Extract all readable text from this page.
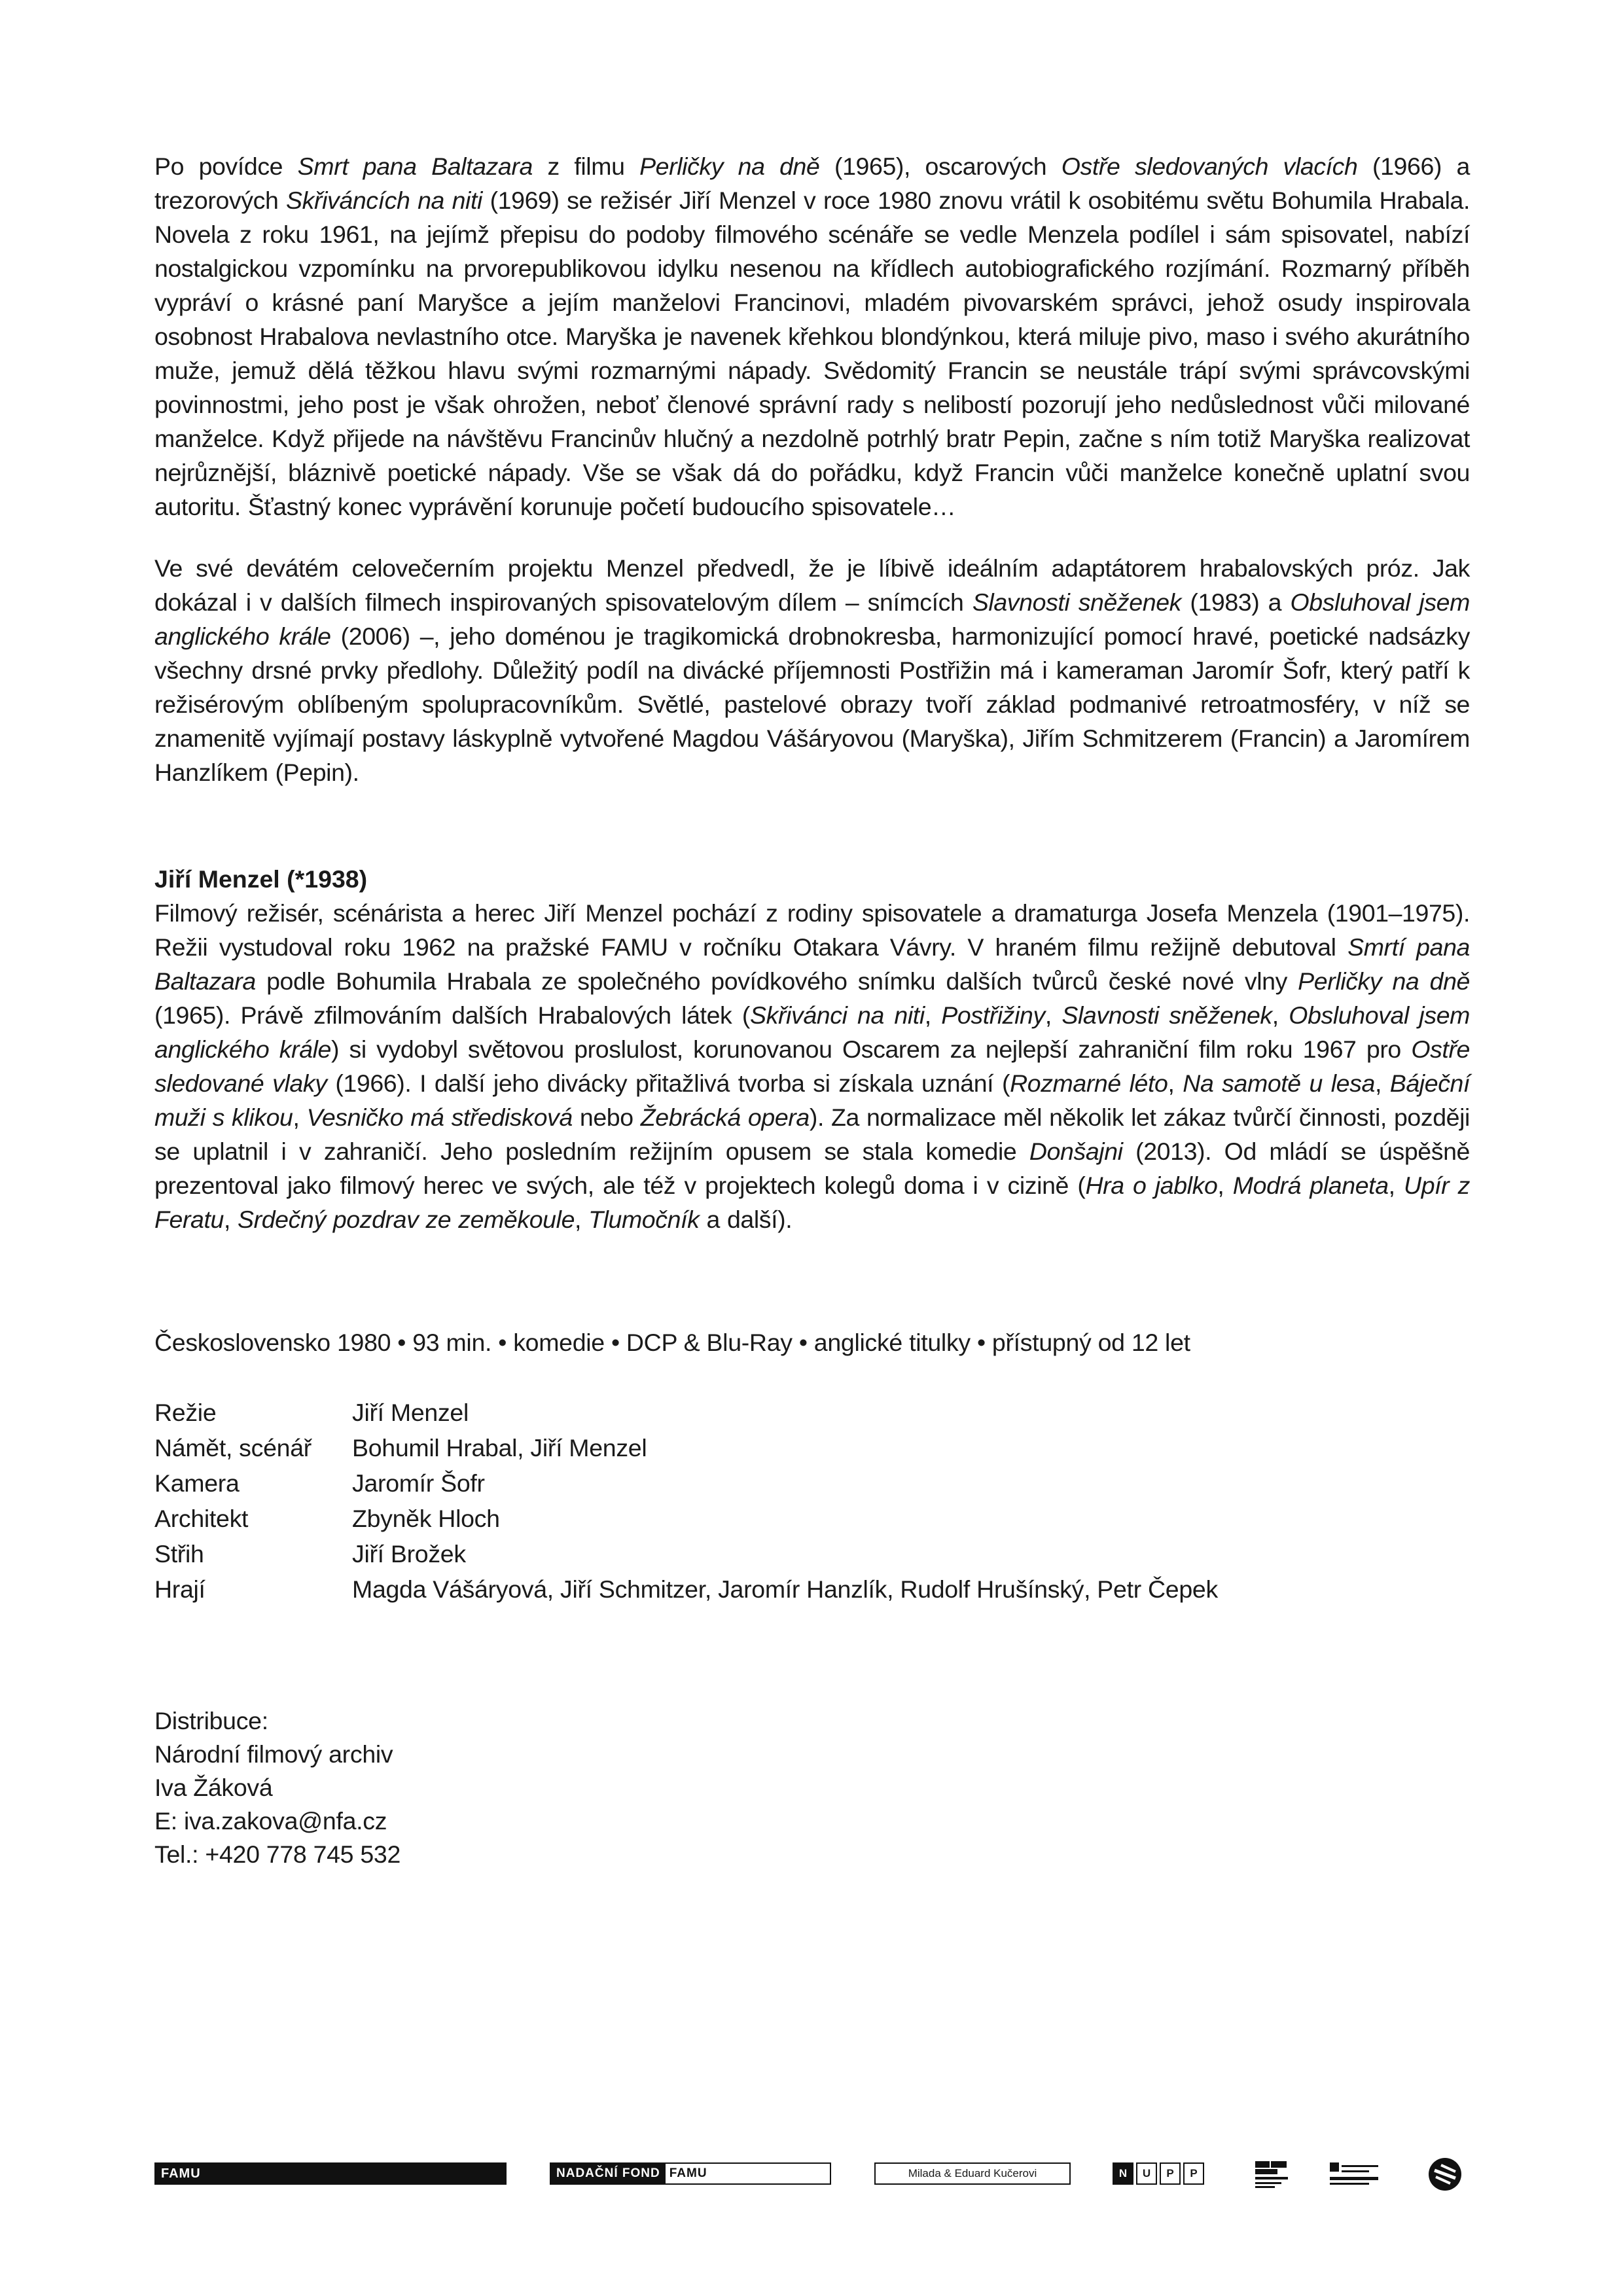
Po povídce Smrt pana Baltazara z filmu Perličky na dně (1965), oscarových Ostře sledovaných vlacích (1966) a trezorových Skřiváncích na niti (1969) se režisér Jiří Menzel v roce 1980 znovu vrátil k osobitému světu Bohumila Hrabala. Novela z roku 1961, na jejímž přepisu do podoby filmového scénáře se vedle Menzela podílel i sám spisovatel, nabízí nostalgickou vzpomínku na prvorepublikovou idylku nesenou na křídlech autobiografického rozjímání. Rozmarný příběh vypráví o krásné paní Maryšce a jejím manželovi Francinovi, mladém pivovarském správci, jehož osudy inspirovala osobnost Hrabalova nevlastního otce. Maryška je navenek křehkou blondýnkou, která miluje pivo, maso i svého akurátního muže, jemuž dělá těžkou hlavu svými rozmarnými nápady. Svědomitý Francin se neustále trápí svými správcovskými povinnostmi, jeho post je však ohrožen, neboť členové správní rady s nelibostí pozorují jeho nedůslednost vůči milované manželce. Když přijede na návštěvu Francinův hlučný a nezdolně potrhlý bratr Pepin, začne s ním totiž Maryška realizovat nejrůznější, bláznivě poetické nápady. Vše se však dá do pořádku, když Francin vůči manželce konečně uplatní svou autoritu. Šťastný konec vyprávění korunuje početí budoucího spisovatele…
Ve své devátém celovečerním projektu Menzel předvedl, že je líbivě ideálním adaptátorem hrabalovských próz. Jak dokázal i v dalších filmech inspirovaných spisovatelovým dílem – snímcích Slavnosti sněženek (1983) a Obsluhoval jsem anglického krále (2006) –, jeho doménou je tragikomická drobnokresba, harmonizující pomocí hravé, poetické nadsázky všechny drsné prvky předlohy. Důležitý podíl na divácké příjemnosti Postřižin má i kameraman Jaromír Šofr, který patří k režisérovým oblíbeným spolupracovníkům. Světlé, pastelové obrazy tvoří základ podmanivé retroatmosféry, v níž se znamenitě vyjímají postavy láskyplně vytvořené Magdou Vášáryovou (Maryška), Jiřím Schmitzerem (Francin) a Jaromírem Hanzlíkem (Pepin).
Jiří Menzel (*1938)
Filmový režisér, scénárista a herec Jiří Menzel pochází z rodiny spisovatele a dramaturga Josefa Menzela (1901–1975). Režii vystudoval roku 1962 na pražské FAMU v ročníku Otakara Vávry. V hraném filmu režijně debutoval Smrtí pana Baltazara podle Bohumila Hrabala ze společného povídkového snímku dalších tvůrců české nové vlny Perličky na dně (1965). Právě zfilmováním dalších Hrabalových látek (Skřivánci na niti, Postřižiny, Slavnosti sněženek, Obsluhoval jsem anglického krále) si vydobyl světovou proslulost, korunovanou Oscarem za nejlepší zahraniční film roku 1967 pro Ostře sledované vlaky (1966). I další jeho divácky přitažlivá tvorba si získala uznání (Rozmarné léto, Na samotě u lesa, Báječní muži s klikou, Vesničko má středisková nebo Žebrácká opera). Za normalizace měl několik let zákaz tvůrčí činnosti, později se uplatnil i v zahraničí. Jeho posledním režijním opusem se stala komedie Donšajni (2013). Od mládí se úspěšně prezentoval jako filmový herec ve svých, ale též v projektech kolegů doma i v cizině (Hra o jablko, Modrá planeta, Upír z Feratu, Srdečný pozdrav ze zeměkoule, Tlumočník a další).
Československo 1980 • 93 min. • komedie • DCP & Blu-Ray • anglické titulky • přístupný od 12 let
Režie	Jiří Menzel
Námět, scénář	Bohumil Hrabal, Jiří Menzel
Kamera	Jaromír Šofr
Architekt	Zbyněk Hloch
Střih	Jiří Brožek
Hrají	Magda Vášáryová, Jiří Schmitzer, Jaromír Hanzlík, Rudolf Hrušínský, Petr Čepek
Distribuce:
Národní filmový archiv
Iva Žáková
E: iva.zakova@nfa.cz
Tel.: +420 778 745 532
FAMU	NADAČNÍ FOND FAMU	Milada & Eduard Kučerovi	N	U	P	P
